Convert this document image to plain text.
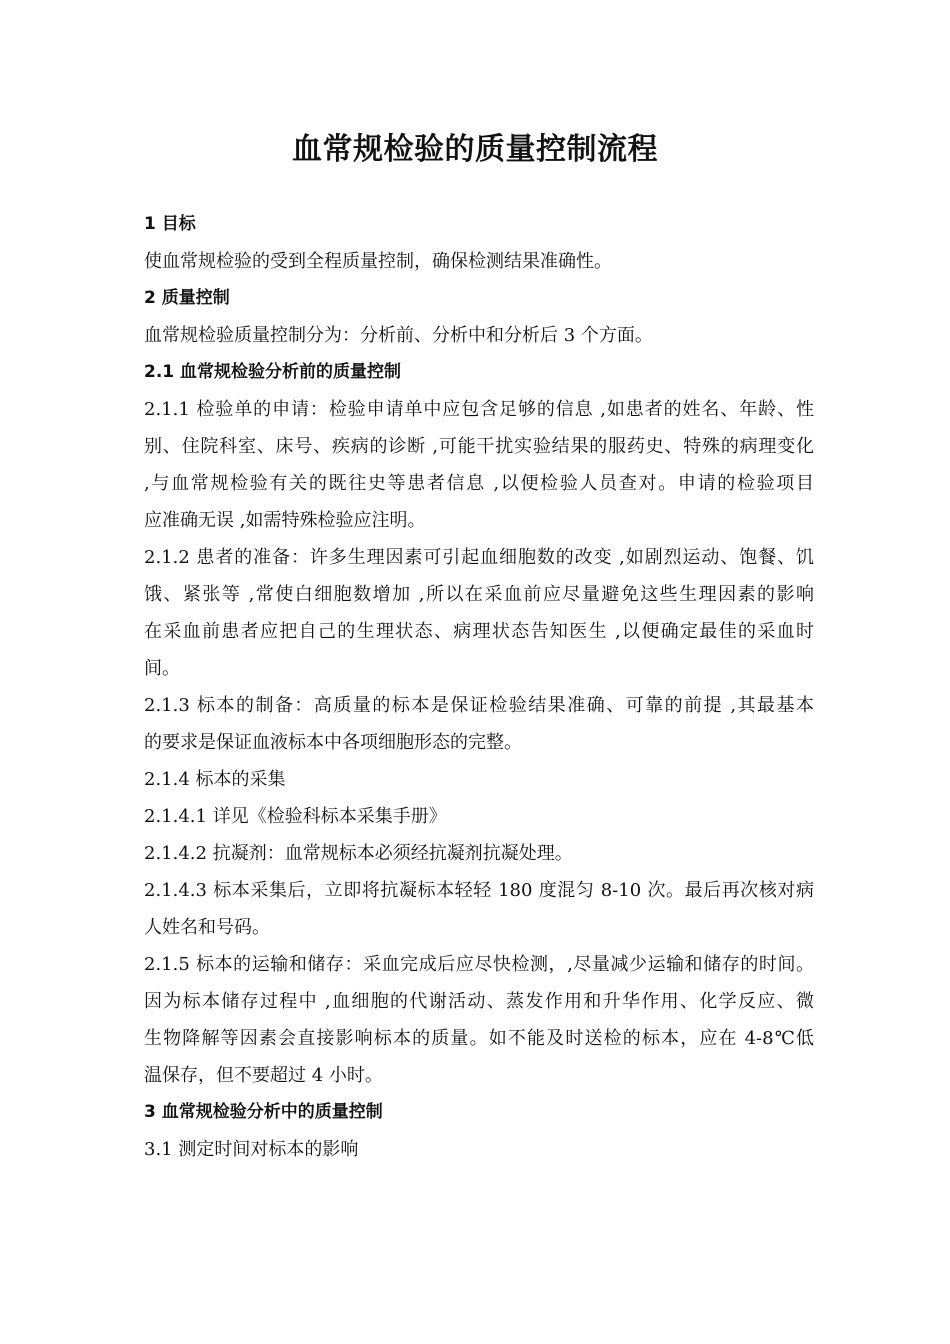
血常规检验的质量控制流程
1 目标
使血常规检验的受到全程质量控制，确保检测结果准确性。
2 质量控制
血常规检验质量控制分为：分析前、分析中和分析后 3 个方面。
2.1 血常规检验分析前的质量控制
2.1.1 检验单的申请：检验申请单中应包含足够的信息 ,如患者的姓名、年龄、性
别、住院科室、床号、疾病的诊断 ,可能干扰实验结果的服药史、特殊的病理变化
,与血常规检验有关的既往史等患者信息 ,以便检验人员查对。申请的检验项目
应准确无误 ,如需特殊检验应注明。
2.1.2 患者的准备：许多生理因素可引起血细胞数的改变 ,如剧烈运动、饱餐、饥
饿、紧张等 ,常使白细胞数增加 ,所以在采血前应尽量避免这些生理因素的影响
在采血前患者应把自己的生理状态、病理状态告知医生 ,以便确定最佳的采血时
间。
2.1.3 标本的制备：高质量的标本是保证检验结果准确、可靠的前提 ,其最基本
的要求是保证血液标本中各项细胞形态的完整。
2.1.4 标本的采集
2.1.4.1 详见《检验科标本采集手册》
2.1.4.2 抗凝剂：血常规标本必须经抗凝剂抗凝处理。
2.1.4.3 标本采集后，立即将抗凝标本轻轻 180 度混匀 8-10 次。最后再次核对病
人姓名和号码。
2.1.5 标本的运输和储存：采血完成后应尽快检测，,尽量减少运输和储存的时间。
因为标本储存过程中 ,血细胞的代谢活动、蒸发作用和升华作用、化学反应、微
生物降解等因素会直接影响标本的质量。如不能及时送检的标本，应在 4-8℃低
温保存，但不要超过 4 小时。
3 血常规检验分析中的质量控制
3.1 测定时间对标本的影响
